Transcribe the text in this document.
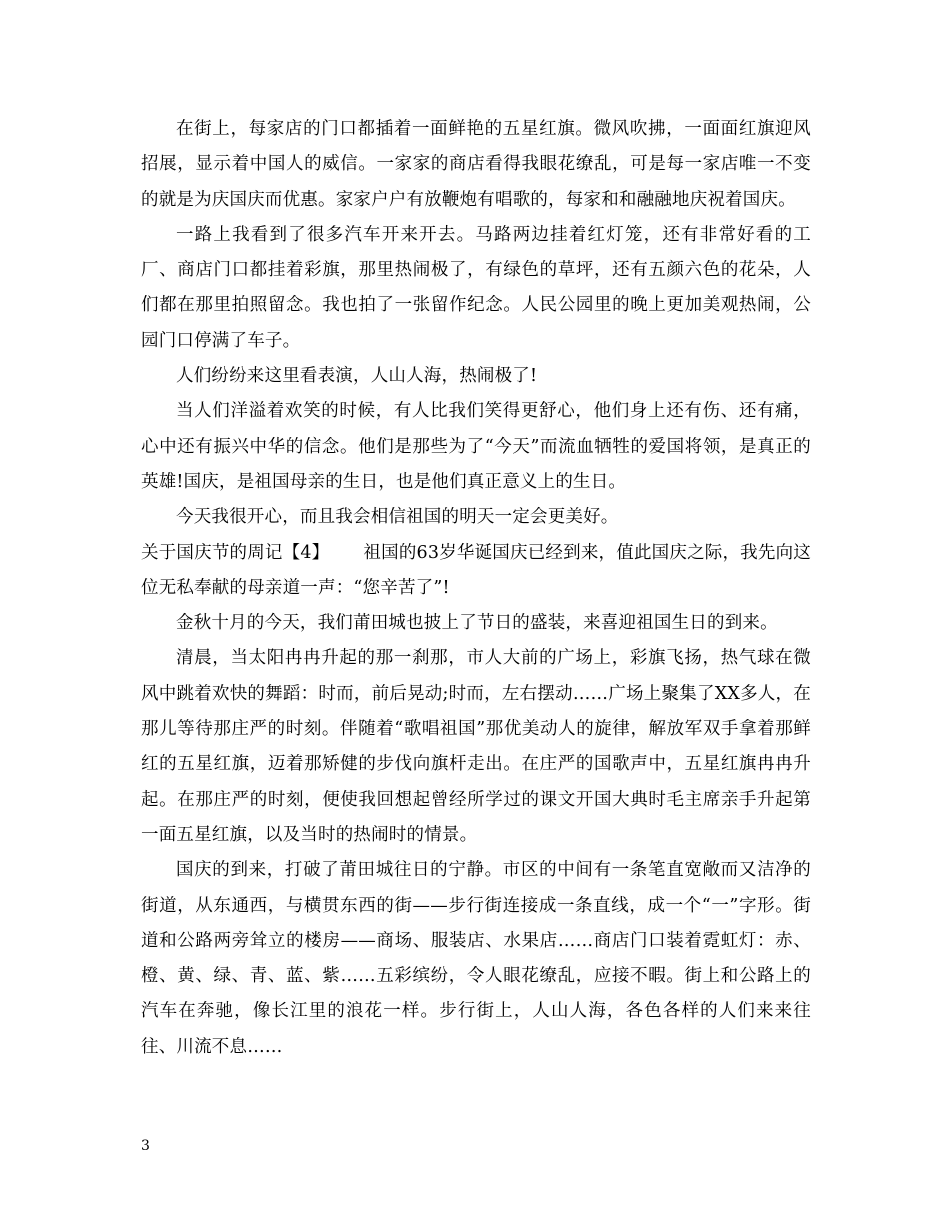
在街上，每家店的门口都插着一面鲜艳的五星红旗。微风吹拂，一面面红旗迎风招展，显示着中国人的威信。一家家的商店看得我眼花缭乱，可是每一家店唯一不变的就是为庆国庆而优惠。家家户户有放鞭炮有唱歌的，每家和和融融地庆祝着国庆。

一路上我看到了很多汽车开来开去。马路两边挂着红灯笼，还有非常好看的工厂、商店门口都挂着彩旗，那里热闹极了，有绿色的草坪，还有五颜六色的花朵，人们都在那里拍照留念。我也拍了一张留作纪念。人民公园里的晚上更加美观热闹，公园门口停满了车子。

人们纷纷来这里看表演，人山人海，热闹极了!

当人们洋溢着欢笑的时候，有人比我们笑得更舒心，他们身上还有伤、还有痛，心中还有振兴中华的信念。他们是那些为了“今天”而流血牺牲的爱国将领，是真正的英雄!国庆，是祖国母亲的生日，也是他们真正意义上的生日。

今天我很开心，而且我会相信祖国的明天一定会更美好。

关于国庆节的周记【4】 祖国的63岁华诞国庆已经到来，值此国庆之际，我先向这位无私奉献的母亲道一声：“您辛苦了”!

金秋十月的今天，我们莆田城也披上了节日的盛装，来喜迎祖国生日的到来。

清晨，当太阳冉冉升起的那一刹那，市人大前的广场上，彩旗飞扬，热气球在微风中跳着欢快的舞蹈：时而，前后晃动;时而，左右摆动……广场上聚集了XX多人，在那儿等待那庄严的时刻。伴随着“歌唱祖国”那优美动人的旋律，解放军双手拿着那鲜红的五星红旗，迈着那矫健的步伐向旗杆走出。在庄严的国歌声中，五星红旗冉冉升起。在那庄严的时刻，便使我回想起曾经所学过的课文开国大典时毛主席亲手升起第一面五星红旗，以及当时的热闹时的情景。

国庆的到来，打破了莆田城往日的宁静。市区的中间有一条笔直宽敞而又洁净的街道，从东通西，与横贯东西的街——步行街连接成一条直线，成一个“一”字形。街道和公路两旁耸立的楼房——商场、服装店、水果店……商店门口装着霓虹灯：赤、橙、黄、绿、青、蓝、紫……五彩缤纷，令人眼花缭乱，应接不暇。街上和公路上的汽车在奔驰，像长江里的浪花一样。步行街上，人山人海，各色各样的人们来来往往、川流不息……

3
